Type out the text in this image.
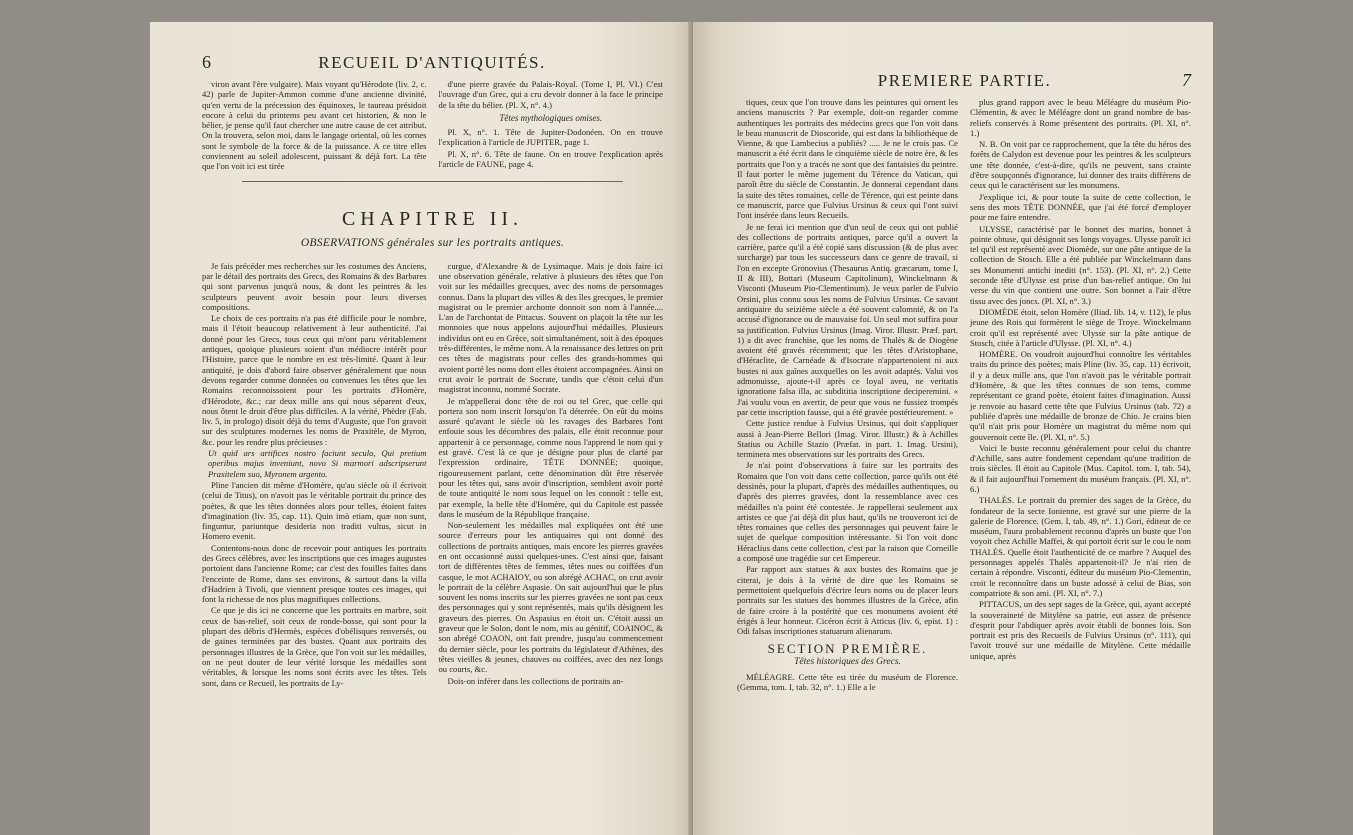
6	RECUEIL D'ANTIQUITÉS.

viron avant l'ère vulgaire). Mais voyant qu'Hérodote (liv. 2, c. 42) parle de Jupiter-Ammon comme d'une ancienne divinité, qu'en vertu de la précession des équinoxes, le taureau présidoit encore à celui du printems peu avant cet historien, & non le bélier, je pense qu'il faut chercher une autre cause de cet attribut. On la trouvera, selon moi, dans le langage oriental, où les cornes sont le symbole de la force & de la puissance. A ce titre elles conviennent au soleil adolescent, puissant & déjà fort. La tête que l'on voit ici est tirée

d'une pierre gravée du Palais-Royal. (Tome I, Pl. VI.) C'est l'ouvrage d'un Grec, qui a cru devoir donner à la face le principe de la tête du bélier. (Pl. X, n°. 4.)

Têtes mythologiques omises.

Pl. X, n°. 1. Tête de Jupiter-Dodonéen. On en trouve l'explication à l'article de JUPITER, page 1.

Pl. X, n°. 6. Tête de faune. On en trouve l'explication après l'article de FAUNE, page 4.

CHAPITRE II.
OBSERVATIONS générales sur les portraits antiques.

Je fais précéder mes recherches sur les costumes des Anciens, par le détail des portraits des Grecs, des Romains & des Barbares qui sont parvenus jusqu'à nous, & dont les peintres & les sculpteurs peuvent avoir besoin pour leurs diverses compositions.

Le choix de ces portraits n'a pas été difficile pour le nombre, mais il l'étoit beaucoup relativement à leur authenticité. J'ai donné pour les Grecs, tous ceux qui m'ont paru véritablement antiques, quoique plusieurs soient d'un médiocre intérêt pour l'Histoire, parce que le nombre en est très-limité. Quant à leur antiquité, je dois d'abord faire observer généralement que nous devons regarder comme données ou convenues les têtes que les Romains reconnoissoient pour les portraits d'Homère, d'Hérodote, &c.; car deux mille ans qui nous séparent d'eux, nous ôtent le droit d'être plus difficiles. A la vérité, Phèdre (Fab. liv. 5, in prologo) disoit déjà du tems d'Auguste, que l'on gravoit sur des sculptures modernes les noms de Praxitèle, de Myron, &c. pour les rendre plus précieuses :

Ut quid ars artifices nostro faciunt seculo, Qui pretium operibus majus inveniunt, novo Si marmori adscripserunt Praxitelem suo, Myronem argento.

Pline l'ancien dit même d'Homère, qu'au siècle où il écrivoit (celui de Titus), on n'avoit pas le véritable portrait du prince des poètes, & que les têtes données alors pour telles, étoient faites d'imagination (liv. 35, cap. 11). Quin imò etiam, quæ non sunt, finguntur, pariuntque desideria non traditi vultus, sicut in Homero evenit.

Contentons-nous donc de recevoir pour antiques les portraits des Grecs célèbres, avec les inscriptions que ces images augustes portoient dans l'ancienne Rome; car c'est des fouilles faites dans l'enceinte de Rome, dans ses environs, & surtout dans la villa d'Hadrien à Tivoli, que viennent presque toutes ces images, qui font la richesse de nos plus magnifiques collections.

Ce que je dis ici ne concerne que les portraits en marbre, soit ceux de bas-relief, soit ceux de ronde-bosse, qui sont pour la plupart des débris d'Hermès, espèces d'obélisques renversés, ou de gaines terminées par des bustes. Quant aux portraits des personnages illustres de la Grèce, que l'on voit sur les médailles, on ne peut douter de leur vérité lorsque les médailles sont véritables, & lorsque les noms sont écrits avec les têtes. Tels sont, dans ce Recueil, les portraits de Ly-

curgue, d'Alexandre & de Lysimaque. Mais je dois faire ici une observation générale, relative à plusieurs des têtes que l'on voit sur les médailles grecques, avec des noms de personnages connus. Dans la plupart des villes & des îles grecques, le premier magistrat ou le premier archonte donnoit son nom à l'année.... L'an de l'archontat de Pittacus. Souvent on plaçoit la tête sur les monnoies que nous appelons aujourd'hui médailles. Plusieurs individus ont eu en Grèce, soit simultanément, soit à des époques très-différentes, le même nom. A la renaissance des lettres on prit ces têtes de magistrats pour celles des grands-hommes qui avoient porté les noms dont elles étoient accompagnées. Ainsi on crut avoir le portrait de Socrate, tandis que c'étoit celui d'un magistrat inconnu, nommé Socrate.

Je m'appellerai donc tête de roi ou tel Grec, que celle qui portera son nom inscrit lorsqu'on l'a déterrée. On eût du moins assuré qu'avant le siècle où les ravages des Barbares l'ont enfouie sous les décombres des palais, elle étoit reconnue pour appartenir à ce personnage, comme nous l'apprend le nom qui y est gravé. C'est là ce que je désigne pour plus de clarté par l'expression ordinaire, TÊTE DONNÉE; quoique, rigoureusement parlant, cette dénomination dût être réservée pour les têtes qui, sans avoir d'inscription, semblent avoir porté de toute antiquité le nom sous lequel on les connoît : telle est, par exemple, la belle tête d'Homère, qui du Capitole est passée dans le muséum de la République française.

Non-seulement les médailles mal expliquées ont été une source d'erreurs pour les antiquaires qui ont donné des collections de portraits antiques, mais encore les pierres gravées en ont occasionné aussi quelques-unes. C'est ainsi que, faisant tort de différentes têtes de femmes, têtes nues ou coiffées d'un casque, le mot ACHAIOY, ou son abrégé ACHAC, on crut avoir le portrait de la célèbre Aspasie. On sait aujourd'hui que le plus souvent les noms inscrits sur les pierres gravées ne sont pas ceux des personnages qui y sont représentés, mais qu'ils désignent les graveurs des pierres. On Aspasius en étoit un. C'étoit aussi un graveur que le Solon, dont le nom, mis au génitif, COAINOC, & son abrégé COAON, ont fait prendre, jusqu'au commencement du dernier siècle, pour les portraits du législateur d'Athènes, des têtes vieilles & jeunes, chauves ou coiffées, avec des nez longs ou courts, &c.

Dois-on inférer dans les collections de portraits an-

PREMIERE PARTIE.	7

tiques, ceux que l'on trouve dans les peintures qui ornent les anciens manuscrits ? Par exemple, doit-on regarder comme authentiques les portraits des médecins grecs que l'on voit dans le beau manuscrit de Dioscoride, qui est dans la bibliothèque de Vienne, & que Lambecius a publiés? ..... Je ne le crois pas. Ce manuscrit a été écrit dans le cinquième siècle de notre ère, & les portraits que l'on y a tracés ne sont que des fantaisies du peintre. Il faut porter le même jugement du Térence du Vatican, qui paroît être du siècle de Constantin. Je donnerai cependant dans la suite des têtes romaines, celle de Térence, qui est peinte dans ce manuscrit, parce que Fulvius Ursinus & ceux qui l'ont suivi l'ont insérée dans leurs Recueils.

Je ne ferai ici mention que d'un seul de ceux qui ont publié des collections de portraits antiques, parce qu'il a ouvert la carrière, parce qu'il a été copié sans discussion (& de plus avec surcharge) par tous les successeurs dans ce genre de travail, si l'on en excepte Gronovius (Thesaurus Antiq. græcarum, tome I, II & III), Bottari (Museum Capitolinum), Winckelmann & Visconti (Museum Pio-Clementinum). Je veux parler de Fulvio Orsini, plus connu sous les noms de Fulvius Ursinus. Ce savant antiquaire du seizième siècle a été souvent calomnié, & on l'a accusé d'ignorance ou de mauvaise foi. Un seul mot suffira pour sa justification. Fulvius Ursinus (Imag. Viror. Illustr. Præf. part. 1) a dit avec franchise, que les noms de Thalès & de Diogène avoient été gravés récemment; que les têtes d'Aristophane, d'Héraclite, de Carnéade & d'Isocrate n'appartenoient ni aux bustes ni aux gaînes auxquelles on les avoit adaptés. Valui vos admonuisse, ajoute-t-il après ce loyal aveu, ne veritatis ignoratione falsa illa, ac subdititia inscriptione deciperemini. « J'ai voulu vous en avertir, de peur que vous ne fussiez trompés par cette inscription fausse, qui a été gravée postérieurement. »

Cette justice rendue à Fulvius Ursinus, qui doit s'appliquer aussi à Jean-Pierre Bellori (Imag. Viror. Illustr.) & à Achilles Statius ou Achille Stazio (Præfat. in part. 1. Imag. Ursini), terminera mes observations sur les portraits des Grecs.

Je n'ai point d'observations à faire sur les portraits des Romains que l'on voit dans cette collection, parce qu'ils ont été dessinés, pour la plupart, d'après des médailles authentiques, ou d'après des pierres gravées, dont la ressemblance avec ces médailles n'a point été contestée. Je rappellerai seulement aux artistes ce que j'ai déjà dit plus haut, qu'ils ne trouveront ici de têtes romaines que celles des personnages qui peuvent faire le sujet de quelque composition intéressante. Si l'on voit donc Héraclius dans cette collection, c'est par la raison que Corneille a composé une tragédie sur cet Empereur.

Par rapport aux statues & aux bustes des Romains que je citerai, je dois à la vérité de dire que les Romains se permettoient quelquefois d'écrire leurs noms ou de placer leurs portraits sur les statues des hommes illustres de la Grèce, afin de faire croire à la postérité que ces monumens avoient été érigés à leur honneur. Cicéron écrit à Atticus (liv. 6, epist. 1) : Odi falsas inscriptiones statuarum alienarum.

SECTION PREMIÈRE.
Têtes historiques des Grecs.

MÉLÉAGRE. Cette tête est tirée du muséum de Florence. (Gemma, tom. I, tab. 32, n°. 1.) Elle a le

plus grand rapport avec le beau Méléagre du muséum Pio-Clémentin, & avec le Méléagre dont un grand nombre de bas-reliefs conservés à Rome présentent des portraits. (Pl. XI, n°. 1.)

N. B. On voit par ce rapprochement, que la tête du héros des forêts de Calydon est devenue pour les peintres & les sculpteurs une tête donnée, c'est-à-dire, qu'ils ne peuvent, sans crainte d'être soupçonnés d'ignorance, lui donner des traits différens de ceux qui le caractérisent sur les monumens.

J'explique ici, & pour toute la suite de cette collection, le sens des mots TÊTE DONNÉE, que j'ai été forcé d'employer pour me faire entendre.

ULYSSE, caractérisé par le bonnet des marins, bonnet à pointe obtuse, qui désignoit ses longs voyages. Ulysse paroît ici tel qu'il est représenté avec Diomède, sur une pâte antique de la collection de Stosch. Elle a été publiée par Winckelmann dans ses Monumenti antichi inediti (n°. 153). (Pl. XI, n°. 2.) Cette seconde tête d'Ulysse est prise d'un bas-relief antique. On lui verse du vin que contient une outre. Son bonnet a l'air d'être tissu avec des joncs. (Pl. XI, n°. 3.)

DIOMÈDE étoit, selon Homère (Iliad. lib. 14, v. 112), le plus jeune des Rois qui formèrent le siège de Troye. Winckelmann croit qu'il est représenté avec Ulysse sur la pâte antique de Stosch, citée à l'article d'Ulysse. (Pl. XI, n°. 4.)

HOMÈRE. On voudroit aujourd'hui connoître les véritables traits du prince des poètes; mais Pline (liv. 35, cap. 11) écrivoit, il y a deux mille ans, que l'on n'avoit pas le véritable portrait d'Homère, & que les têtes connues de son tems, comme représentant ce grand poète, étoient faites d'imagination. Aussi je renvoie au hasard cette tête que Fulvius Ursinus (tab. 72) a publiée d'après une médaille de bronze de Chio. Je crains bien qu'il n'ait pris pour Homère un magistrat du même nom qui gouvernoit cette île. (Pl. XI, n°. 5.)

Voici le buste reconnu généralement pour celui du chantre d'Achille, sans autre fondement cependant qu'une tradition de trois siècles. Il étoit au Capitole (Mus. Capitol. tom. I, tab. 54), & il fait aujourd'hui l'ornement du muséum français. (Pl. XI, n°. 6.)

THALÈS. Le portrait du premier des sages de la Grèce, du fondateur de la secte Ionienne, est gravé sur une pierre de la galerie de Florence. (Gem. I, tab. 49, n°. 1.) Gori, éditeur de ce muséum, l'aura probablement reconnu d'après un buste que l'on voyoit chez Achille Maffei, & qui portoit écrit sur le cou le nom THALÈS. Quelle étoit l'authenticité de ce marbre ? Auquel des personnages appelés Thalès appartenoit-il? Je n'ai rien de certain à répondre. Visconti, éditeur du muséum Pio-Clementin, croit le reconnoître dans un buste adossé à celui de Bias, son compatriote & son ami. (Pl. XI, n°. 7.)

PITTACUS, un des sept sages de la Grèce, qui, ayant accepté la souveraineté de Mitylène sa patrie, eut assez de présence d'esprit pour l'abdiquer après avoir établi de bonnes lois. Son portrait est pris des Recueils de Fulvius Ursinus (n°. 111), qui l'avoit trouvé sur une médaille de Mitylène. Cette médaille unique, après
